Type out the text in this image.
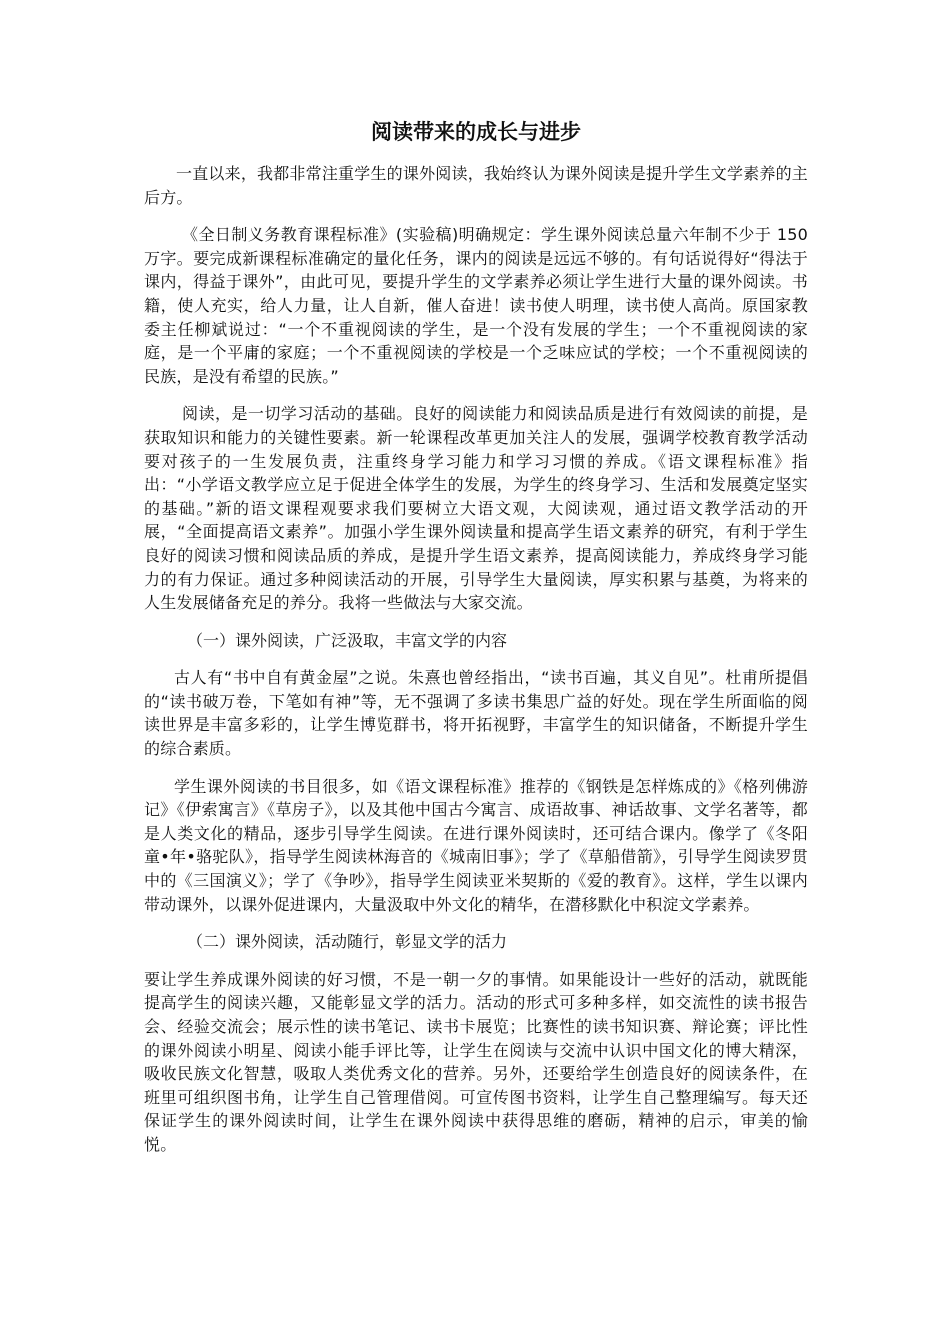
阅读带来的成长与进步

一直以来，我都非常注重学生的课外阅读，我始终认为课外阅读是提升学生文学素养的主后方。

《全日制义务教育课程标准》(实验稿)明确规定：学生课外阅读总量六年制不少于 150 万字。要完成新课程标准确定的量化任务，课内的阅读是远远不够的。有句话说得好“得法于课内，得益于课外”，由此可见，要提升学生的文学素养必须让学生进行大量的课外阅读。书籍，使人充实，给人力量，让人自新，催人奋进！读书使人明理，读书使人高尚。原国家教委主任柳斌说过：“一个不重视阅读的学生，是一个没有发展的学生；一个不重视阅读的家庭，是一个平庸的家庭；一个不重视阅读的学校是一个乏味应试的学校；一个不重视阅读的民族，是没有希望的民族。”

阅读，是一切学习活动的基础。良好的阅读能力和阅读品质是进行有效阅读的前提，是获取知识和能力的关键性要素。新一轮课程改革更加关注人的发展，强调学校教育教学活动要对孩子的一生发展负责，注重终身学习能力和学习习惯的养成。《语文课程标准》指出：“小学语文教学应立足于促进全体学生的发展，为学生的终身学习、生活和发展奠定坚实的基础。”新的语文课程观要求我们要树立大语文观，大阅读观，通过语文教学活动的开展，“全面提高语文素养”。加强小学生课外阅读量和提高学生语文素养的研究，有利于学生良好的阅读习惯和阅读品质的养成，是提升学生语文素养，提高阅读能力，养成终身学习能力的有力保证。通过多种阅读活动的开展，引导学生大量阅读，厚实积累与基奠，为将来的人生发展储备充足的养分。我将一些做法与大家交流。

（一）课外阅读，广泛汲取，丰富文学的内容

古人有“书中自有黄金屋”之说。朱熹也曾经指出，“读书百遍，其义自见”。杜甫所提倡的“读书破万卷，下笔如有神”等，无不强调了多读书集思广益的好处。现在学生所面临的阅读世界是丰富多彩的，让学生博览群书，将开拓视野，丰富学生的知识储备，不断提升学生的综合素质。

学生课外阅读的书目很多，如《语文课程标准》推荐的《钢铁是怎样炼成的》《格列佛游记》《伊索寓言》《草房子》，以及其他中国古今寓言、成语故事、神话故事、文学名著等，都是人类文化的精品，逐步引导学生阅读。在进行课外阅读时，还可结合课内。像学了《冬阳童•年•骆驼队》，指导学生阅读林海音的《城南旧事》；学了《草船借箭》，引导学生阅读罗贯中的《三国演义》；学了《争吵》，指导学生阅读亚米契斯的《爱的教育》。这样，学生以课内带动课外，以课外促进课内，大量汲取中外文化的精华，在潜移默化中积淀文学素养。

（二）课外阅读，活动随行，彰显文学的活力

要让学生养成课外阅读的好习惯，不是一朝一夕的事情。如果能设计一些好的活动，就既能提高学生的阅读兴趣，又能彰显文学的活力。活动的形式可多种多样，如交流性的读书报告会、经验交流会；展示性的读书笔记、读书卡展览；比赛性的读书知识赛、辩论赛；评比性的课外阅读小明星、阅读小能手评比等，让学生在阅读与交流中认识中国文化的博大精深，吸收民族文化智慧，吸取人类优秀文化的营养。另外，还要给学生创造良好的阅读条件，在班里可组织图书角，让学生自己管理借阅。可宣传图书资料，让学生自己整理编写。每天还保证学生的课外阅读时间，让学生在课外阅读中获得思维的磨砺，精神的启示，审美的愉悦。
